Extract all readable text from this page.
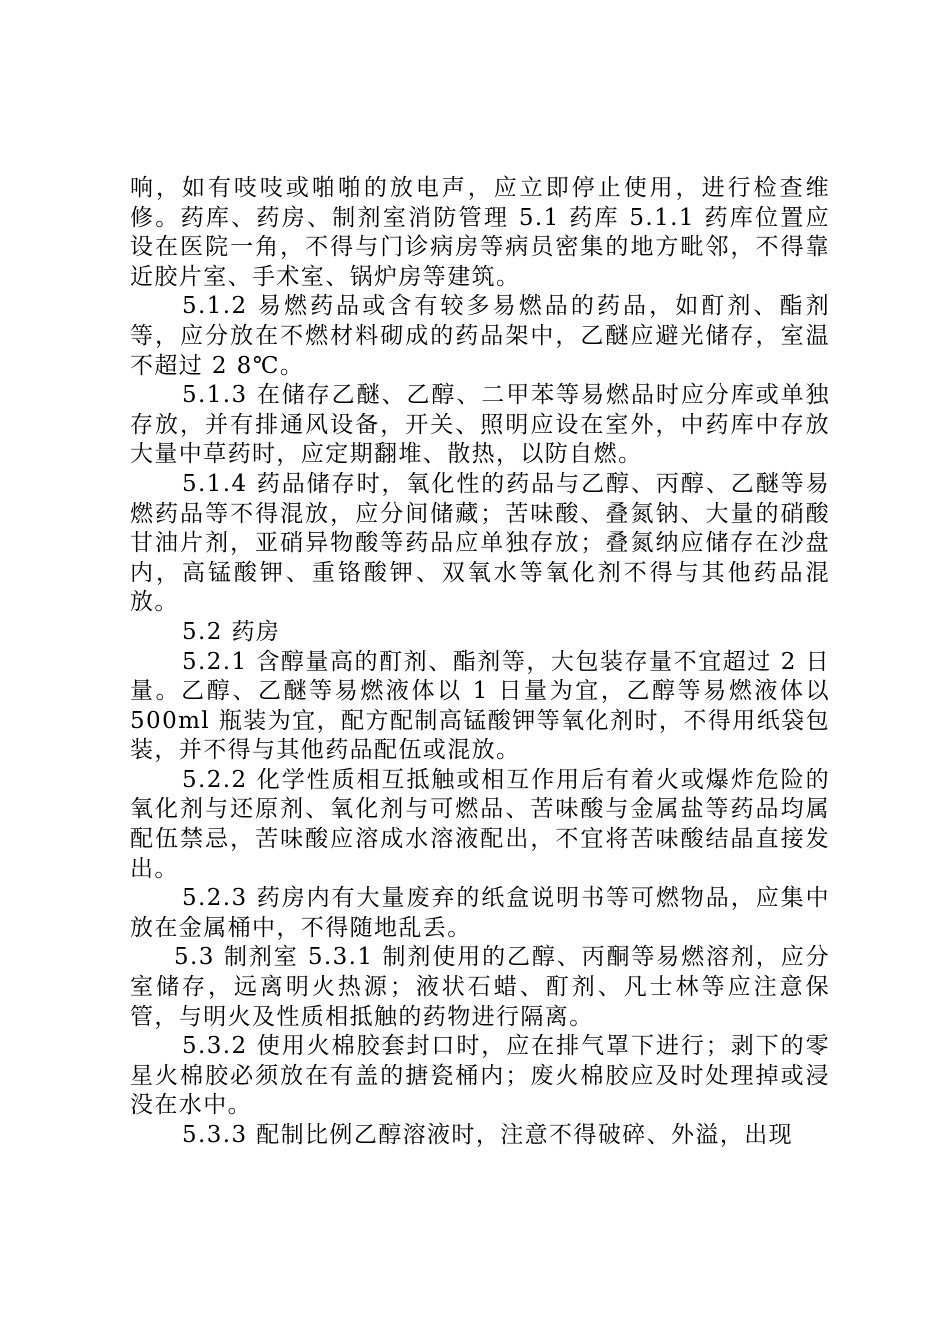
响，如有吱吱或啪啪的放电声，应立即停止使用，进行检查维修。药库、药房、制剂室消防管理 5.1 药库 5.1.1 药库位置应设在医院一角，不得与门诊病房等病员密集的地方毗邻，不得靠近胶片室、手术室、锅炉房等建筑。

5.1.2 易燃药品或含有较多易燃品的药品，如酊剂、酯剂等，应分放在不燃材料砌成的药品架中，乙醚应避光储存，室温不超过 2 8℃。

5.1.3 在储存乙醚、乙醇、二甲苯等易燃品时应分库或单独存放，并有排通风设备，开关、照明应设在室外，中药库中存放大量中草药时，应定期翻堆、散热，以防自燃。

5.1.4 药品储存时，氧化性的药品与乙醇、丙醇、乙醚等易燃药品等不得混放，应分间储藏；苦味酸、叠氮钠、大量的硝酸甘油片剂，亚硝异物酸等药品应单独存放；叠氮纳应储存在沙盘内，高锰酸钾、重铬酸钾、双氧水等氧化剂不得与其他药品混放。

5.2 药房

5.2.1 含醇量高的酊剂、酯剂等，大包装存量不宜超过 2 日量。乙醇、乙醚等易燃液体以 1 日量为宜，乙醇等易燃液体以 500ml 瓶装为宜，配方配制高锰酸钾等氧化剂时，不得用纸袋包装，并不得与其他药品配伍或混放。

5.2.2 化学性质相互抵触或相互作用后有着火或爆炸危险的氧化剂与还原剂、氧化剂与可燃品、苦味酸与金属盐等药品均属配伍禁忌，苦味酸应溶成水溶液配出，不宜将苦味酸结晶直接发出。

5.2.3 药房内有大量废弃的纸盒说明书等可燃物品，应集中放在金属桶中，不得随地乱丢。

5.3 制剂室 5.3.1 制剂使用的乙醇、丙酮等易燃溶剂，应分室储存，远离明火热源；液状石蜡、酊剂、凡士林等应注意保管，与明火及性质相抵触的药物进行隔离。

5.3.2 使用火棉胶套封口时，应在排气罩下进行；剥下的零星火棉胶必须放在有盖的搪瓷桶内；废火棉胶应及时处理掉或浸没在水中。

5.3.3 配制比例乙醇溶液时，注意不得破碎、外溢，出现
